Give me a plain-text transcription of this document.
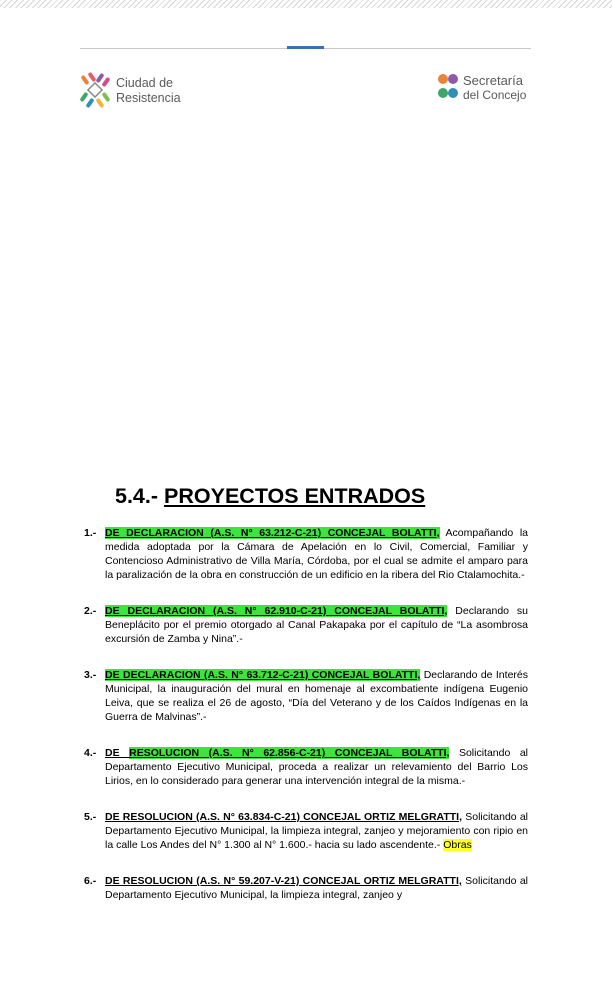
Ciudad de
Resistencia
Secretaría
del Concejo
5.4.- PROYECTOS ENTRADOS
1.- DE DECLARACION (A.S. N° 63.212-C-21) CONCEJAL BOLATTI, Acompañando la medida adoptada por la Cámara de Apelación en lo Civil, Comercial, Familiar y Contencioso Administrativo de Villa María, Córdoba, por el cual se admite el amparo para la paralización de la obra en construcción de un edificio en la ribera del Rio Ctalamochita.-
2.- DE DECLARACION (A.S. N° 62.910-C-21) CONCEJAL BOLATTI, Declarando su Beneplácito por el premio otorgado al Canal Pakapaka por el capítulo de “La asombrosa excursión de Zamba y Nina”.-
3.- DE DECLARACION (A.S. N° 63.712-C-21) CONCEJAL BOLATTI, Declarando de Interés Municipal, la inauguración del mural en homenaje al excombatiente indígena Eugenio Leiva, que se realiza el 26 de agosto, “Día del Veterano y de los Caídos Indígenas en la Guerra de Malvinas”.-
4.- DE RESOLUCION (A.S. N° 62.856-C-21) CONCEJAL BOLATTI, Solicitando al Departamento Ejecutivo Municipal, proceda a realizar un relevamiento del Barrio Los Lirios, en lo considerado para generar una intervención integral de la misma.-
5.- DE RESOLUCION (A.S. N° 63.834-C-21) CONCEJAL ORTIZ MELGRATTI, Solicitando al Departamento Ejecutivo Municipal, la limpieza integral, zanjeo y mejoramiento con ripio en la calle Los Andes del N° 1.300 al N° 1.600.- hacia su lado ascendente.- Obras
6.- DE RESOLUCION (A.S. N° 59.207-V-21) CONCEJAL ORTIZ MELGRATTI, Solicitando al Departamento Ejecutivo Municipal, la limpieza integral, zanjeo y
